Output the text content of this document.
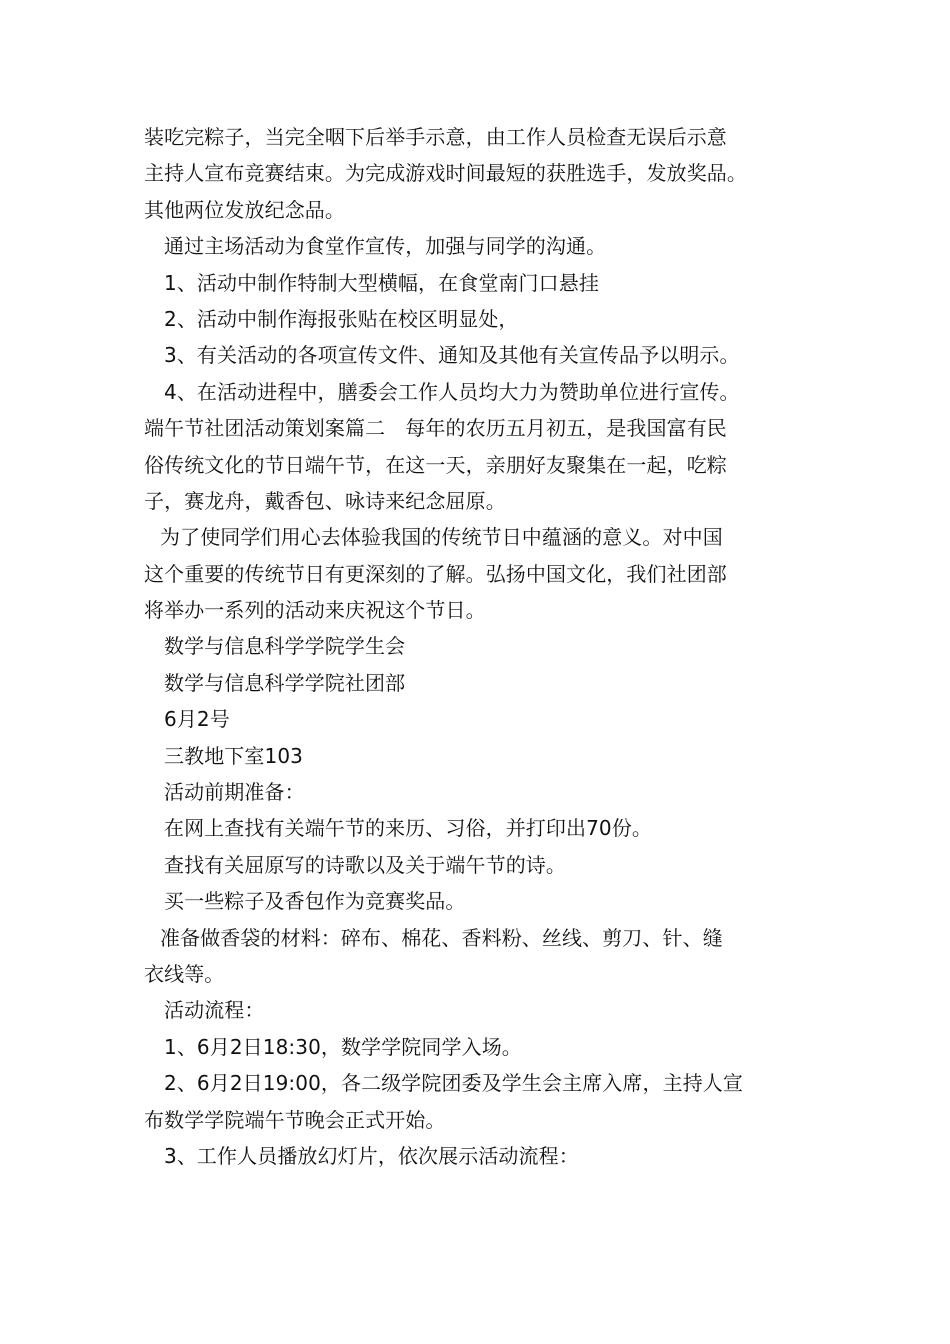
装吃完粽子，当完全咽下后举手示意，由工作人员检查无误后示意
主持人宣布竞赛结束。为完成游戏时间最短的获胜选手，发放奖品。
其他两位发放纪念品。
通过主场活动为食堂作宣传，加强与同学的沟通。
1、活动中制作特制大型横幅，在食堂南门口悬挂
2、活动中制作海报张贴在校区明显处，
3、有关活动的各项宣传文件、通知及其他有关宣传品予以明示。
4、在活动进程中，膳委会工作人员均大力为赞助单位进行宣传。
端午节社团活动策划案篇二　每年的农历五月初五，是我国富有民
俗传统文化的节日端午节，在这一天，亲朋好友聚集在一起，吃粽
子，赛龙舟，戴香包、咏诗来纪念屈原。
为了使同学们用心去体验我国的传统节日中蕴涵的意义。对中国
这个重要的传统节日有更深刻的了解。弘扬中国文化，我们社团部
将举办一系列的活动来庆祝这个节日。
数学与信息科学学院学生会
数学与信息科学学院社团部
6月2号
三教地下室103
活动前期准备：
在网上查找有关端午节的来历、习俗，并打印出70份。
查找有关屈原写的诗歌以及关于端午节的诗。
买一些粽子及香包作为竞赛奖品。
准备做香袋的材料：碎布、棉花、香料粉、丝线、剪刀、针、缝
衣线等。
活动流程：
1、6月2日18:30，数学学院同学入场。
2、6月2日19:00，各二级学院团委及学生会主席入席，主持人宣
布数学学院端午节晚会正式开始。
3、工作人员播放幻灯片，依次展示活动流程：
